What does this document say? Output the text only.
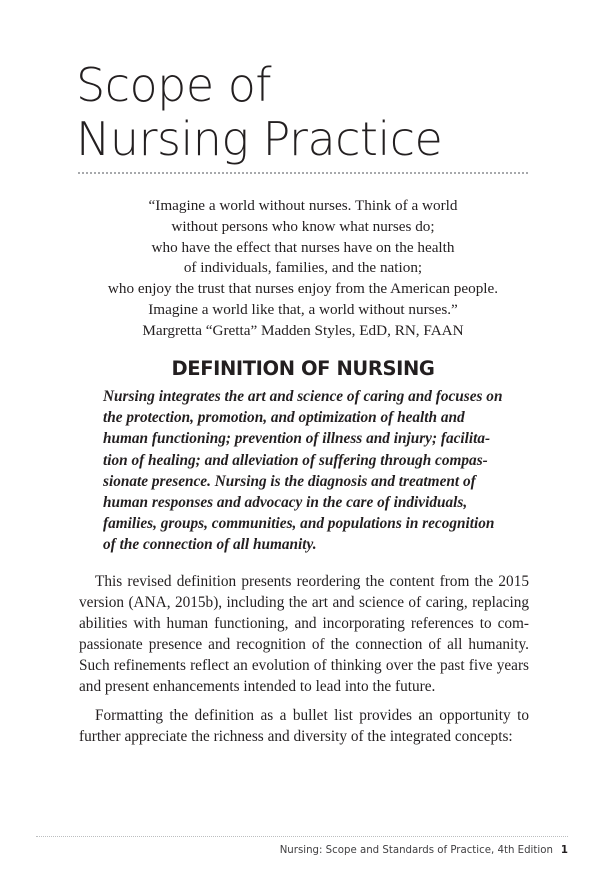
Scope of
Nursing Practice
“Imagine a world without nurses. Think of a world
without persons who know what nurses do;
who have the effect that nurses have on the health
of individuals, families, and the nation;
who enjoy the trust that nurses enjoy from the American people.
Imagine a world like that, a world without nurses.”
Margretta “Gretta” Madden Styles, EdD, RN, FAAN
DEFINITION OF NURSING
Nursing integrates the art and science of caring and focuses on
the protection, promotion, and optimization of health and
human functioning; prevention of illness and injury; facilita-
tion of healing; and alleviation of suffering through compas-
sionate presence. Nursing is the diagnosis and treatment of
human responses and advocacy in the care of individuals,
families, groups, communities, and populations in recognition
of the connection of all humanity.
This revised definition presents reordering the content from the 2015
version (ANA, 2015b), including the art and science of caring, replacing
abilities with human functioning, and incorporating references to com-
passionate presence and recognition of the connection of all humanity.
Such refinements reflect an evolution of thinking over the past five years
and present enhancements intended to lead into the future.
Formatting the definition as a bullet list provides an opportunity to
further appreciate the richness and diversity of the integrated concepts:
Nursing: Scope and Standards of Practice, 4th Edition 1
